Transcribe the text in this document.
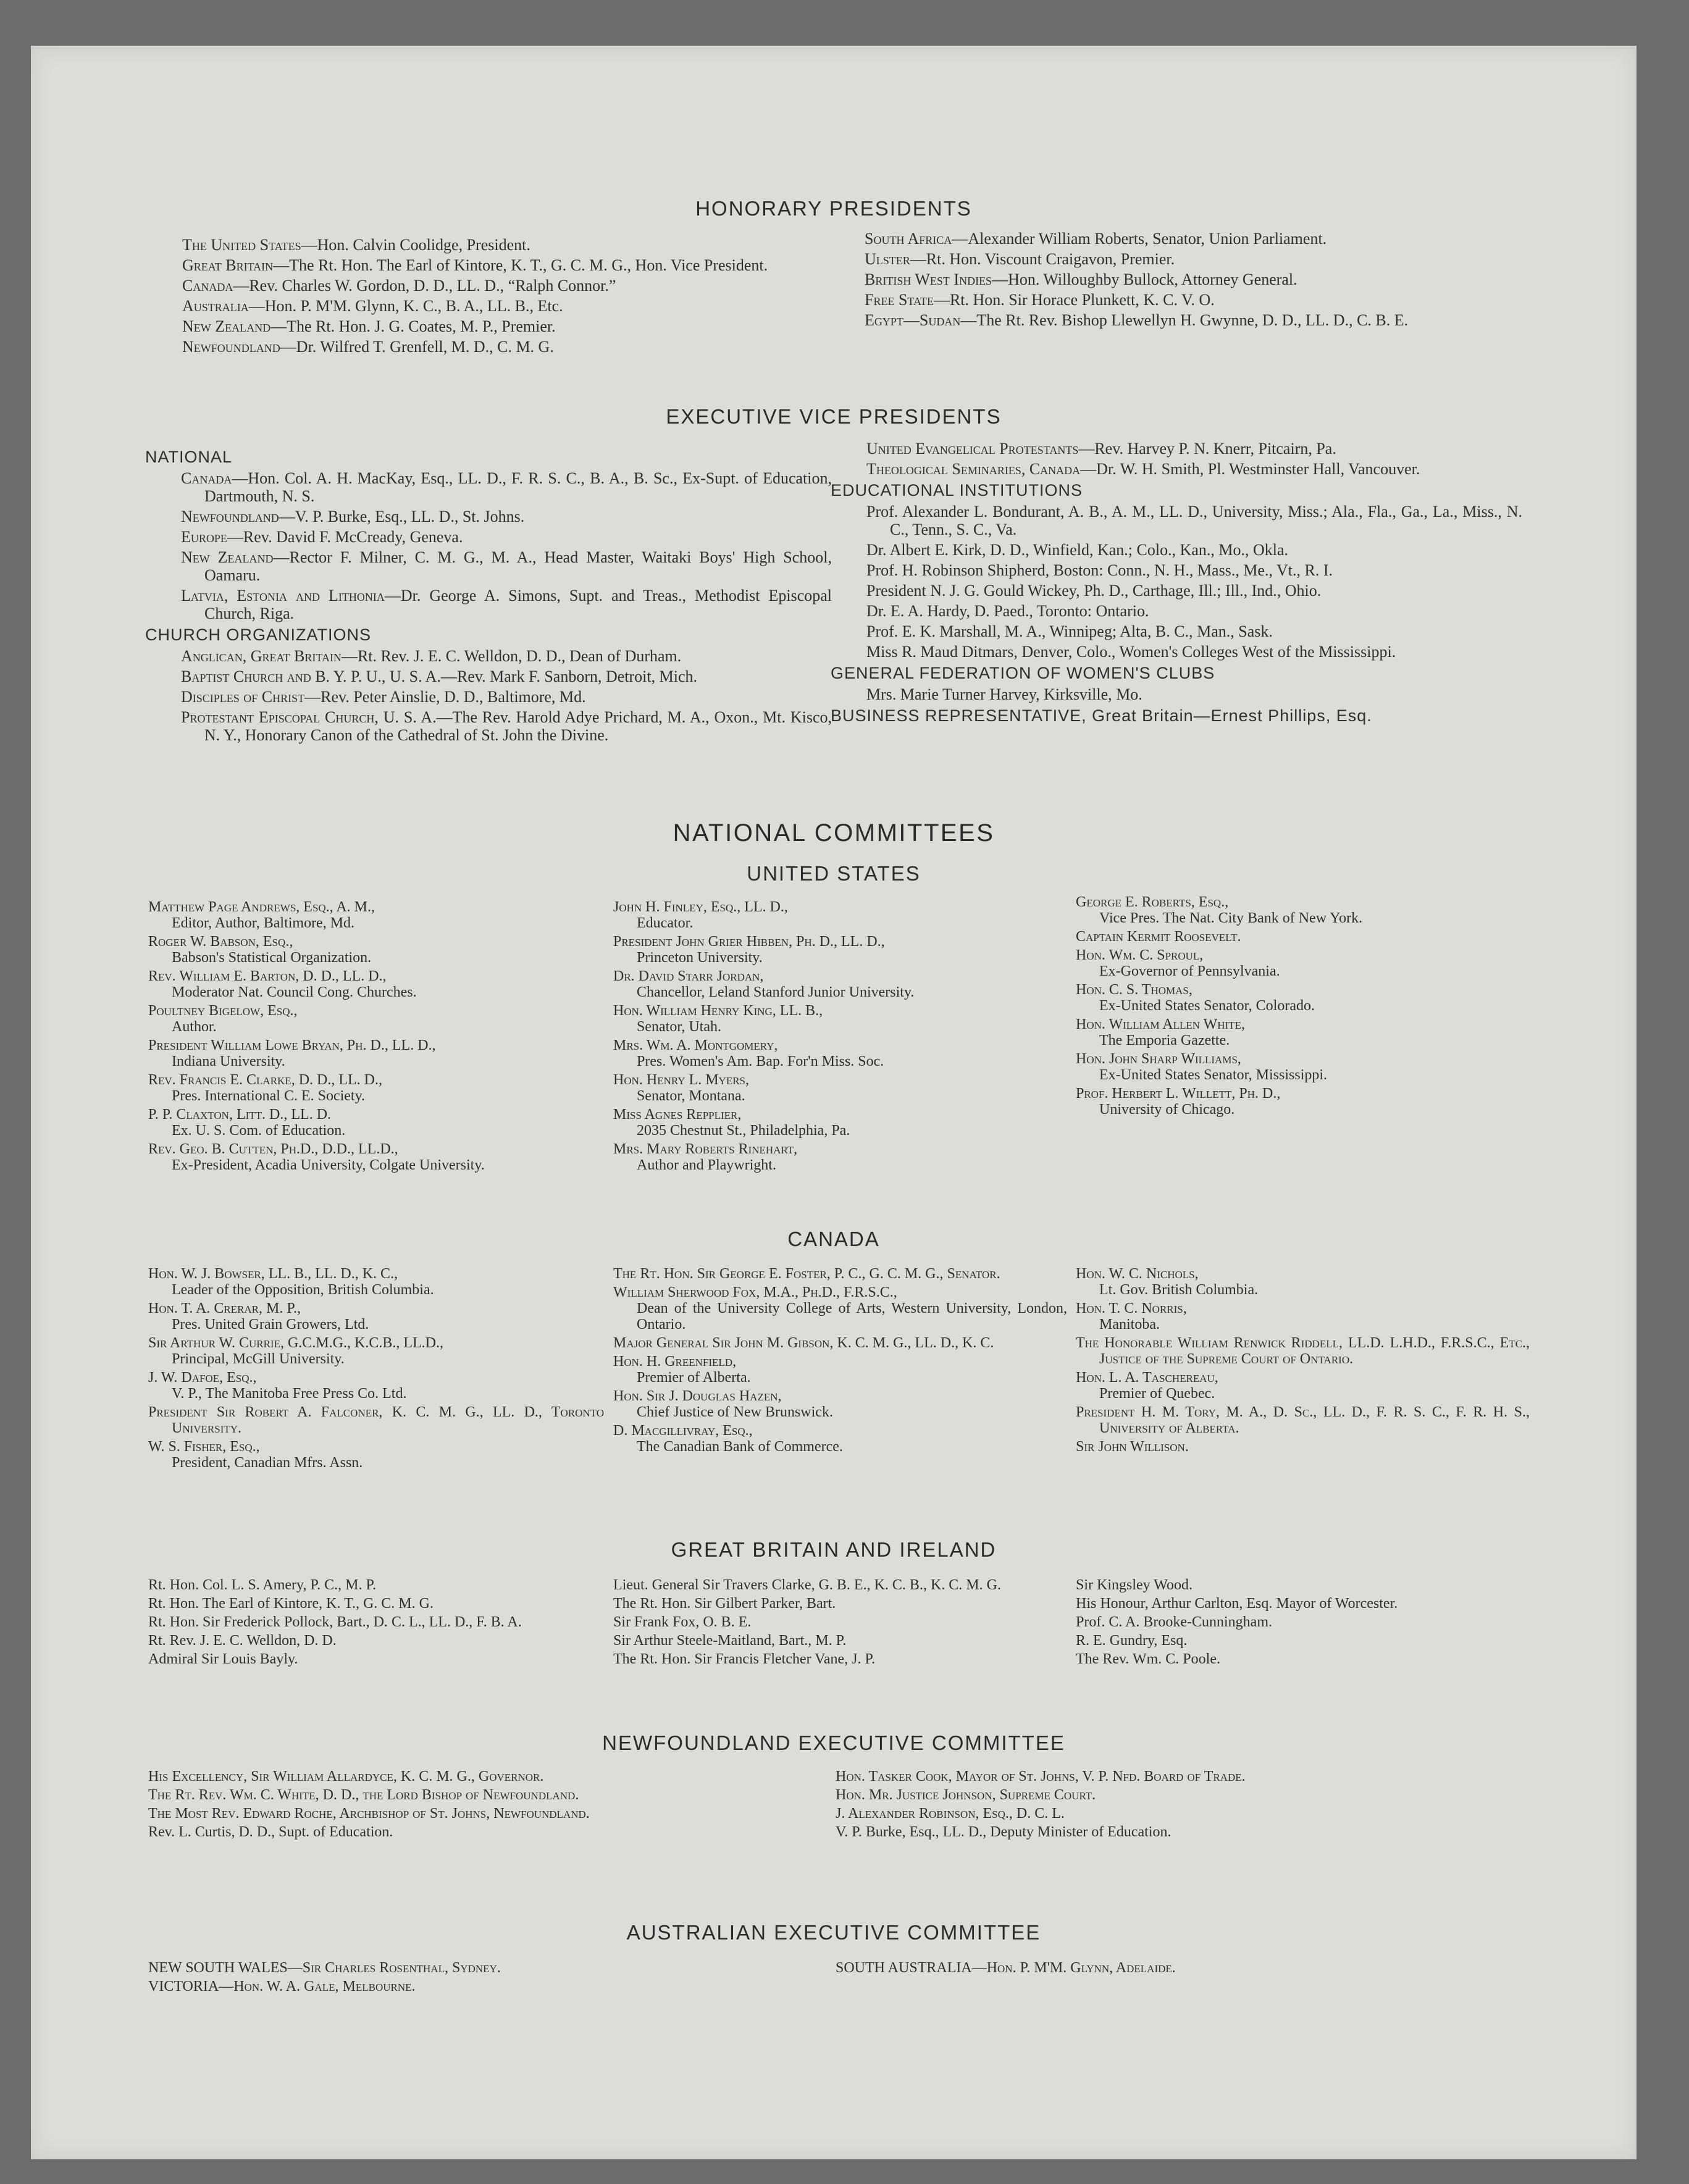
HONORARY PRESIDENTS

The United States—Hon. Calvin Coolidge, President.

Great Britain—The Rt. Hon. The Earl of Kintore, K. T., G. C. M. G., Hon. Vice President.

Canada—Rev. Charles W. Gordon, D. D., LL. D., “Ralph Connor.”

Australia—Hon. P. M'M. Glynn, K. C., B. A., LL. B., Etc.

New Zealand—The Rt. Hon. J. G. Coates, M. P., Premier.

Newfoundland—Dr. Wilfred T. Grenfell, M. D., C. M. G.

South Africa—Alexander William Roberts, Senator, Union Parliament.

Ulster—Rt. Hon. Viscount Craigavon, Premier.

British West Indies—Hon. Willoughby Bullock, Attorney General.

Free State—Rt. Hon. Sir Horace Plunkett, K. C. V. O.

Egypt—Sudan—The Rt. Rev. Bishop Llewellyn H. Gwynne, D. D., LL. D., C. B. E.

EXECUTIVE VICE PRESIDENTS
NATIONAL

Canada—Hon. Col. A. H. MacKay, Esq., LL. D., F. R. S. C., B. A., B. Sc., Ex-Supt. of Education, Dartmouth, N. S.

Newfoundland—V. P. Burke, Esq., LL. D., St. Johns.

Europe—Rev. David F. McCready, Geneva.

New Zealand—Rector F. Milner, C. M. G., M. A., Head Master, Waitaki Boys' High School, Oamaru.

Latvia, Estonia and Lithonia—Dr. George A. Simons, Supt. and Treas., Methodist Episcopal Church, Riga.

CHURCH ORGANIZATIONS

Anglican, Great Britain—Rt. Rev. J. E. C. Welldon, D. D., Dean of Durham.

Baptist Church and B. Y. P. U., U. S. A.—Rev. Mark F. Sanborn, Detroit, Mich.

Disciples of Christ—Rev. Peter Ainslie, D. D., Baltimore, Md.

Protestant Episcopal Church, U. S. A.—The Rev. Harold Adye Prichard, M. A., Oxon., Mt. Kisco, N. Y., Honorary Canon of the Cathedral of St. John the Divine.

United Evangelical Protestants—Rev. Harvey P. N. Knerr, Pitcairn, Pa.

Theological Seminaries, Canada—Dr. W. H. Smith, Pl. Westminster Hall, Vancouver.

EDUCATIONAL INSTITUTIONS

Prof. Alexander L. Bondurant, A. B., A. M., LL. D., University, Miss.; Ala., Fla., Ga., La., Miss., N. C., Tenn., S. C., Va.

Dr. Albert E. Kirk, D. D., Winfield, Kan.; Colo., Kan., Mo., Okla.

Prof. H. Robinson Shipherd, Boston: Conn., N. H., Mass., Me., Vt., R. I.

President N. J. G. Gould Wickey, Ph. D., Carthage, Ill.; Ill., Ind., Ohio.

Dr. E. A. Hardy, D. Paed., Toronto: Ontario.

Prof. E. K. Marshall, M. A., Winnipeg; Alta, B. C., Man., Sask.

Miss R. Maud Ditmars, Denver, Colo., Women's Colleges West of the Mississippi.

GENERAL FEDERATION OF WOMEN'S CLUBS

Mrs. Marie Turner Harvey, Kirksville, Mo.

BUSINESS REPRESENTATIVE, Great Britain—Ernest Phillips, Esq.
NATIONAL COMMITTEES
UNITED STATES

Matthew Page Andrews, Esq., A. M.,
Editor, Author, Baltimore, Md.

Roger W. Babson, Esq.,
Babson's Statistical Organization.

Rev. William E. Barton, D. D., LL. D.,
Moderator Nat. Council Cong. Churches.

Poultney Bigelow, Esq.,
Author.

President William Lowe Bryan, Ph. D., LL. D.,
Indiana University.

Rev. Francis E. Clarke, D. D., LL. D.,
Pres. International C. E. Society.

P. P. Claxton, Litt. D., LL. D.
Ex. U. S. Com. of Education.

Rev. Geo. B. Cutten, Ph.D., D.D., LL.D.,
Ex-President, Acadia University, Colgate University.

John H. Finley, Esq., LL. D.,
Educator.

President John Grier Hibben, Ph. D., LL. D.,
Princeton University.

Dr. David Starr Jordan,
Chancellor, Leland Stanford Junior University.

Hon. William Henry King, LL. B.,
Senator, Utah.

Mrs. Wm. A. Montgomery,
Pres. Women's Am. Bap. For'n Miss. Soc.

Hon. Henry L. Myers,
Senator, Montana.

Miss Agnes Repplier,
2035 Chestnut St., Philadelphia, Pa.

Mrs. Mary Roberts Rinehart,
Author and Playwright.

George E. Roberts, Esq.,
Vice Pres. The Nat. City Bank of New York.

Captain Kermit Roosevelt.

Hon. Wm. C. Sproul,
Ex-Governor of Pennsylvania.

Hon. C. S. Thomas,
Ex-United States Senator, Colorado.

Hon. William Allen White,
The Emporia Gazette.

Hon. John Sharp Williams,
Ex-United States Senator, Mississippi.

Prof. Herbert L. Willett, Ph. D.,
University of Chicago.

CANADA

Hon. W. J. Bowser, LL. B., LL. D., K. C.,
Leader of the Opposition, British Columbia.

Hon. T. A. Crerar, M. P.,
Pres. United Grain Growers, Ltd.

Sir Arthur W. Currie, G.C.M.G., K.C.B., LL.D.,
Principal, McGill University.

J. W. Dafoe, Esq.,
V. P., The Manitoba Free Press Co. Ltd.

President Sir Robert A. Falconer, K. C. M. G., LL. D., Toronto University.

W. S. Fisher, Esq.,
President, Canadian Mfrs. Assn.

The Rt. Hon. Sir George E. Foster, P. C., G. C. M. G., Senator.

William Sherwood Fox, M.A., Ph.D., F.R.S.C.,
Dean of the University College of Arts, Western University, London, Ontario.

Major General Sir John M. Gibson, K. C. M. G., LL. D., K. C.

Hon. H. Greenfield,
Premier of Alberta.

Hon. Sir J. Douglas Hazen,
Chief Justice of New Brunswick.

D. Macgillivray, Esq.,
The Canadian Bank of Commerce.

Hon. W. C. Nichols,
Lt. Gov. British Columbia.

Hon. T. C. Norris,
Manitoba.

The Honorable William Renwick Riddell, LL.D. L.H.D., F.R.S.C., Etc., Justice of the Supreme Court of Ontario.

Hon. L. A. Taschereau,
Premier of Quebec.

President H. M. Tory, M. A., D. Sc., LL. D., F. R. S. C., F. R. H. S., University of Alberta.

Sir John Willison.

GREAT BRITAIN AND IRELAND

Rt. Hon. Col. L. S. Amery, P. C., M. P.

Rt. Hon. The Earl of Kintore, K. T., G. C. M. G.

Rt. Hon. Sir Frederick Pollock, Bart., D. C. L., LL. D., F. B. A.

Rt. Rev. J. E. C. Welldon, D. D.

Admiral Sir Louis Bayly.

Lieut. General Sir Travers Clarke, G. B. E., K. C. B., K. C. M. G.

The Rt. Hon. Sir Gilbert Parker, Bart.

Sir Frank Fox, O. B. E.

Sir Arthur Steele-Maitland, Bart., M. P.

The Rt. Hon. Sir Francis Fletcher Vane, J. P.

Sir Kingsley Wood.

His Honour, Arthur Carlton, Esq. Mayor of Worcester.

Prof. C. A. Brooke-Cunningham.

R. E. Gundry, Esq.

The Rev. Wm. C. Poole.

NEWFOUNDLAND EXECUTIVE COMMITTEE

His Excellency, Sir William Allardyce, K. C. M. G., Governor.

The Rt. Rev. Wm. C. White, D. D., the Lord Bishop of Newfoundland.

The Most Rev. Edward Roche, Archbishop of St. Johns, Newfoundland.

Rev. L. Curtis, D. D., Supt. of Education.

Hon. Tasker Cook, Mayor of St. Johns, V. P. Nfd. Board of Trade.

Hon. Mr. Justice Johnson, Supreme Court.

J. Alexander Robinson, Esq., D. C. L.

V. P. Burke, Esq., LL. D., Deputy Minister of Education.

AUSTRALIAN EXECUTIVE COMMITTEE

NEW SOUTH WALES—Sir Charles Rosenthal, Sydney.

VICTORIA—Hon. W. A. Gale, Melbourne.

SOUTH AUSTRALIA—Hon. P. M'M. Glynn, Adelaide.
